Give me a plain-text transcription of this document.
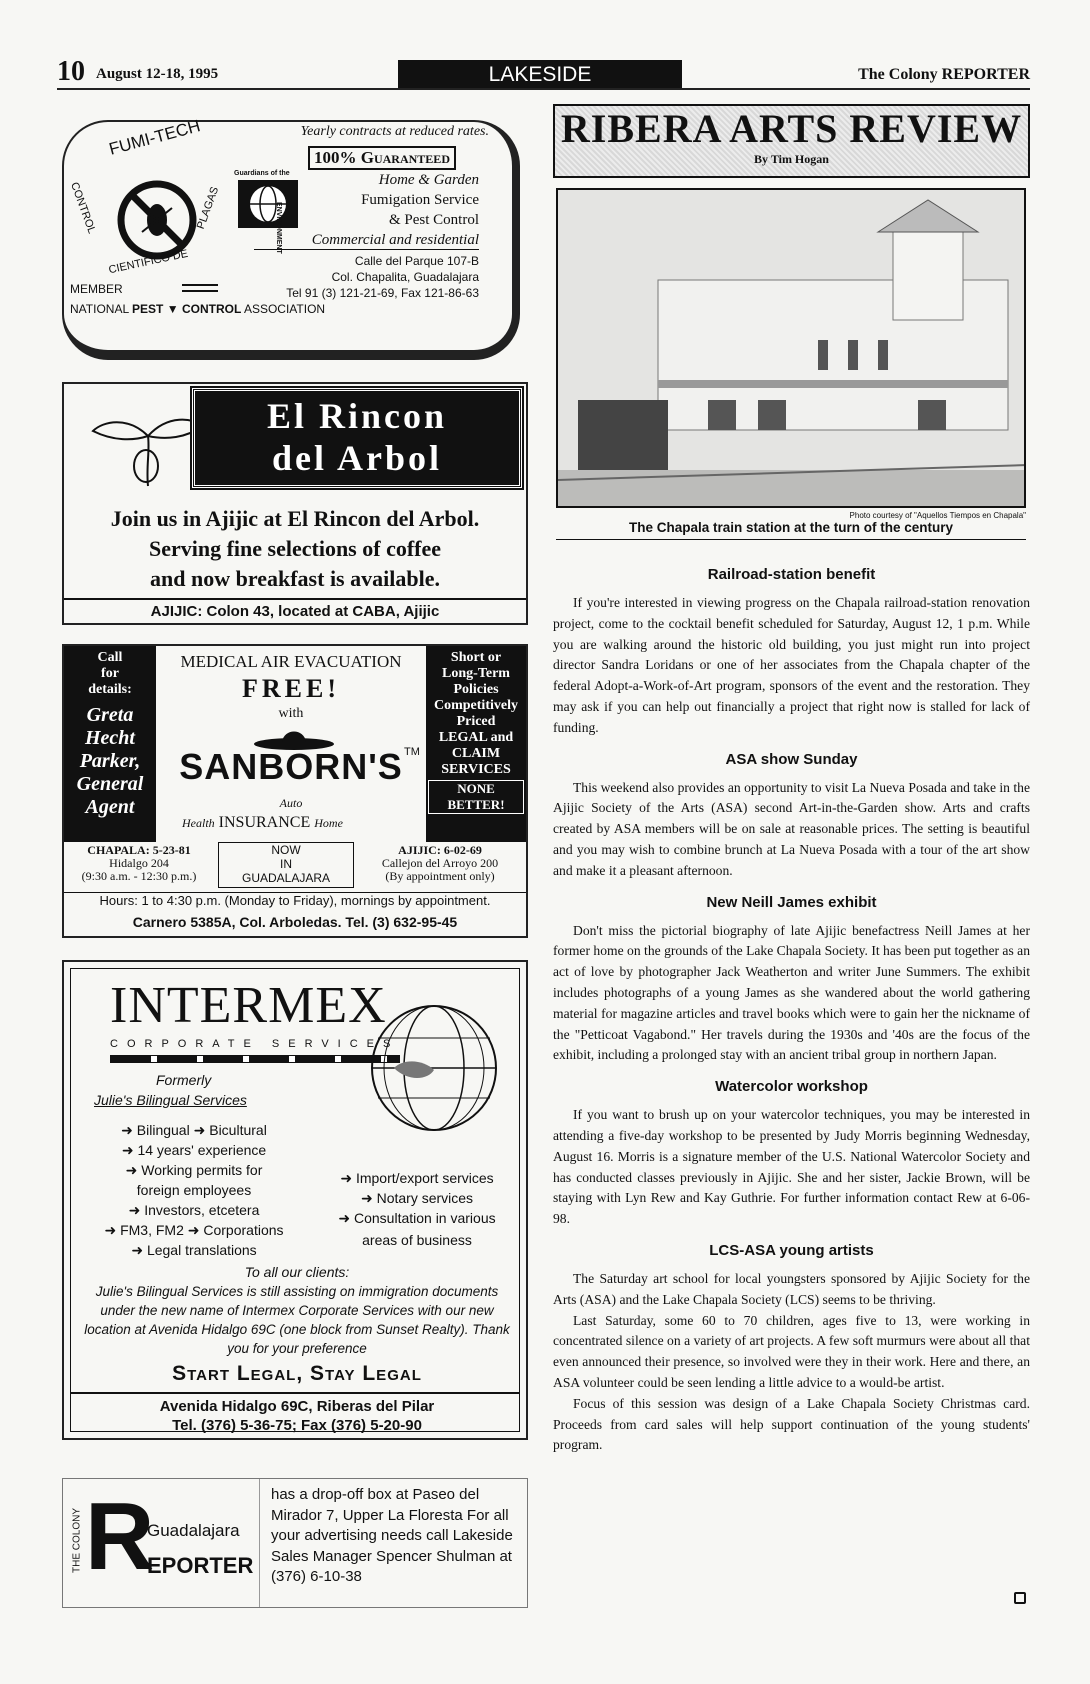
10 August 12-18, 1995	LAKESIDE	The Colony REPORTER
FUMI-TECH
CONTROL
CIENTIFICO DE
PLAGAS
Yearly contracts at reduced rates.
100% Guaranteed
Guardians of the
ENVIRONMENT
Home & Garden
Fumigation Service
& Pest Control
Commercial and residential
Calle del Parque 107-B
Col. Chapalita, Guadalajara
Tel 91 (3) 121-21-69, Fax 121-86-63
MEMBER
NATIONAL PEST ▼ CONTROL ASSOCIATION
El Rincon
del Arbol
Join us in Ajijic at El Rincon del Arbol.
Serving fine selections of coffee
and now breakfast is available.
AJIJIC: Colon 43, located at CABA, Ajijic
Call
for
details:
Greta
Hecht
Parker,
General
Agent
MEDICAL AIR EVACUATION
FREE!
with
SANBORN'S TM
Auto
Health INSURANCE Home
Short or
Long-Term
Policies
Competitively
Priced
LEGAL and
CLAIM
SERVICES
NONE BETTER!
CHAPALA: 5-23-81
Hidalgo 204
(9:30 a.m. - 12:30 p.m.)
NOW
IN
GUADALAJARA
AJIJIC: 6-02-69
Callejon del Arroyo 200
(By appointment only)
Hours: 1 to 4:30 p.m. (Monday to Friday), mornings by appointment.
Carnero 5385A, Col. Arboledas. Tel. (3) 632-95-45
INTERMEX
CORPORATE SERVICES
Formerly
Julie's Bilingual Services
➜ Bilingual ➜ Bicultural
➜ 14 years' experience
➜ Working permits for
foreign employees
➜ Investors, etcetera
➜ FM3, FM2 ➜ Corporations
➜ Legal translations
➜ Import/export services
➜ Notary services
➜ Consultation in various
areas of business
To all our clients:
Julie's Bilingual Services is still assisting on immigration documents under the new name of Intermex Corporate Services with our new location at Avenida Hidalgo 69C (one block from Sunset Realty). Thank you for your preference
Start Legal, Stay Legal
Avenida Hidalgo 69C, Riberas del Pilar
Tel. (376) 5-36-75; Fax (376) 5-20-90
THE COLONY R
Guadalajara
EPORTER
has a drop-off box at Paseo del Mirador 7, Upper La Floresta For all your advertising needs call Lakeside Sales Manager Spencer Shulman at (376) 6-10-38
RIBERA ARTS REVIEW
By Tim Hogan
Photo courtesy of "Aquellos Tiempos en Chapala"
The Chapala train station at the turn of the century
Railroad-station benefit

If you're interested in viewing progress on the Chapala railroad-station renovation project, come to the cocktail benefit scheduled for Saturday, August 12, 1 p.m. While you are walking around the historic old building, you just might run into project director Sandra Loridans or one of her associates from the Chapala chapter of the federal Adopt-a-Work-of-Art program, sponsors of the event and the restoration. They may ask if you can help out financially a project that right now is stalled for lack of funding.

ASA show Sunday

This weekend also provides an opportunity to visit La Nueva Posada and take in the Ajijic Society of the Arts (ASA) second Art-in-the-Garden show. Arts and crafts created by ASA members will be on sale at reasonable prices. The setting is beautiful and you may wish to combine brunch at La Nueva Posada with a tour of the art show and make it a pleasant afternoon.

New Neill James exhibit

Don't miss the pictorial biography of late Ajijic benefactress Neill James at her former home on the grounds of the Lake Chapala Society. It has been put together as an act of love by photographer Jack Weatherton and writer June Summers. The exhibit includes photographs of a young James as she wandered about the world gathering material for magazine articles and travel books which were to gain her the nickname of the "Petticoat Vagabond." Her travels during the 1930s and '40s are the focus of the exhibit, including a prolonged stay with an ancient tribal group in northern Japan.

Watercolor workshop

If you want to brush up on your watercolor techniques, you may be interested in attending a five-day workshop to be presented by Judy Morris beginning Wednesday, August 16. Morris is a signature member of the U.S. National Watercolor Society and has conducted classes previously in Ajijic. She and her sister, Jackie Brown, will be staying with Lyn Rew and Kay Guthrie. For further information contact Rew at 6-06-98.

LCS-ASA young artists

The Saturday art school for local youngsters sponsored by Ajijic Society for the Arts (ASA) and the Lake Chapala Society (LCS) seems to be thriving.

Last Saturday, some 60 to 70 children, ages five to 13, were working in concentrated silence on a variety of art projects. A few soft murmurs were about all that even announced their presence, so involved were they in their work. Here and there, an ASA volunteer could be seen lending a little advice to a would-be artist.

Focus of this session was design of a Lake Chapala Society Christmas card. Proceeds from card sales will help support continuation of the young students' program.
